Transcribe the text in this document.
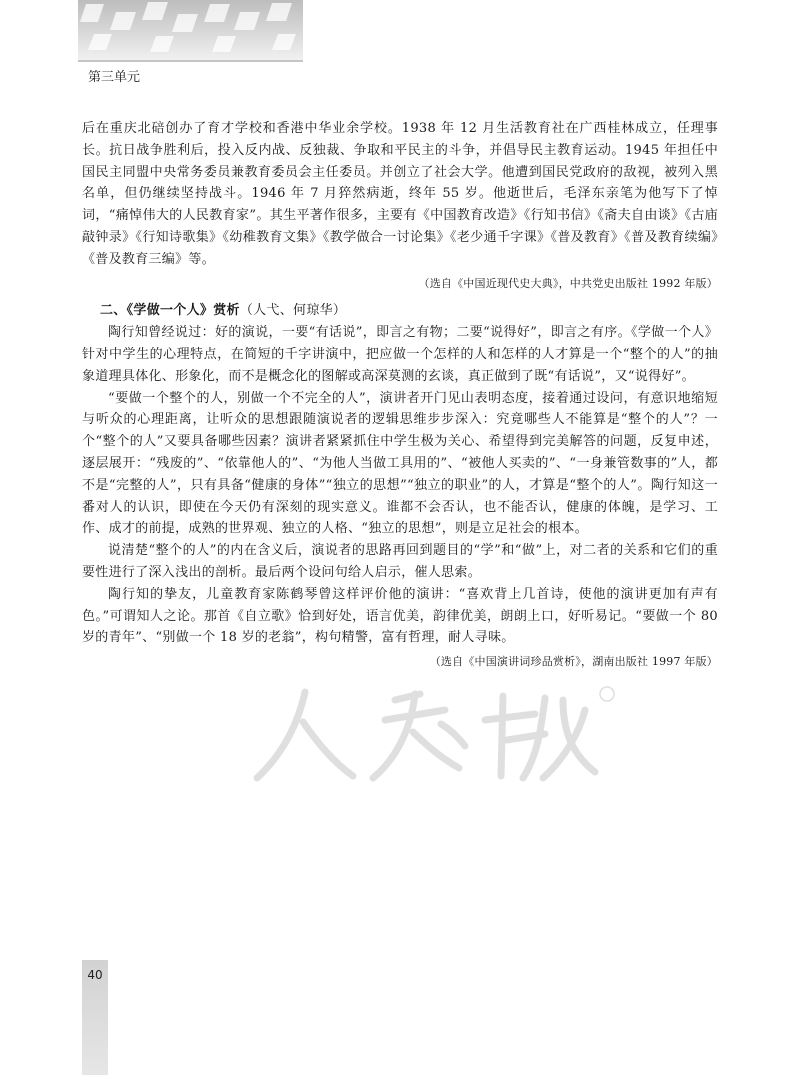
第三单元

后在重庆北碚创办了育才学校和香港中华业余学校。1938 年 12 月生活教育社在广西桂林成立，任理事长。抗日战争胜利后，投入反内战、反独裁、争取和平民主的斗争，并倡导民主教育运动。1945 年担任中国民主同盟中央常务委员兼教育委员会主任委员。并创立了社会大学。他遭到国民党政府的敌视，被列入黑名单，但仍继续坚持战斗。1946 年 7 月猝然病逝，终年 55 岁。他逝世后，毛泽东亲笔为他写下了悼词，“痛悼伟大的人民教育家”。其生平著作很多，主要有《中国教育改造》《行知书信》《斋夫自由谈》《古庙敲钟录》《行知诗歌集》《幼稚教育文集》《教学做合一讨论集》《老少通千字课》《普及教育》《普及教育续编》《普及教育三编》等。

（选自《中国近现代史大典》，中共党史出版社 1992 年版）

二、《学做一个人》赏析（人弋、何琼华）

陶行知曾经说过：好的演说，一要“有话说”，即言之有物；二要“说得好”，即言之有序。《学做一个人》针对中学生的心理特点，在简短的千字讲演中，把应做一个怎样的人和怎样的人才算是一个“整个的人”的抽象道理具体化、形象化，而不是概念化的图解或高深莫测的玄谈，真正做到了既“有话说”，又“说得好”。

“要做一个整个的人，别做一个不完全的人”，演讲者开门见山表明态度，接着通过设问，有意识地缩短与听众的心理距离，让听众的思想跟随演说者的逻辑思维步步深入：究竟哪些人不能算是“整个的人”？一个“整个的人”又要具备哪些因素？演讲者紧紧抓住中学生极为关心、希望得到完美解答的问题，反复申述，逐层展开：“残废的”、“依靠他人的”、“为他人当做工具用的”、“被他人买卖的”、“一身兼管数事的”人，都不是“完整的人”，只有具备“健康的身体”“独立的思想”“独立的职业”的人，才算是“整个的人”。陶行知这一番对人的认识，即使在今天仍有深刻的现实意义。谁都不会否认，也不能否认，健康的体魄，是学习、工作、成才的前提，成熟的世界观、独立的人格、“独立的思想”，则是立足社会的根本。

说清楚“整个的人”的内在含义后，演说者的思路再回到题目的“学”和“做”上，对二者的关系和它们的重要性进行了深入浅出的剖析。最后两个设问句给人启示，催人思索。

陶行知的挚友，儿童教育家陈鹤琴曾这样评价他的演讲：“喜欢背上几首诗，使他的演讲更加有声有色。”可谓知人之论。那首《自立歌》恰到好处，语言优美，韵律优美，朗朗上口，好听易记。“要做一个 80 岁的青年”、“别做一个 18 岁的老翁”，构句精警，富有哲理，耐人寻味。

（选自《中国演讲词珍品赏析》，湖南出版社 1997 年版）

40
